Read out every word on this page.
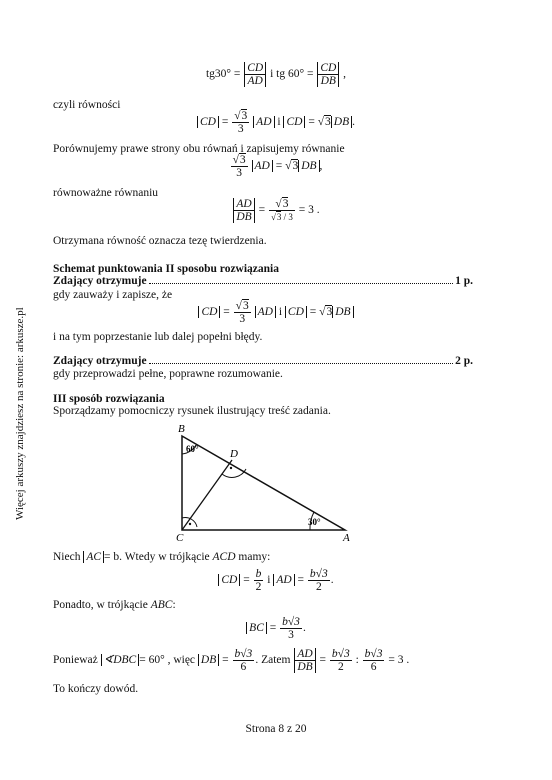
Więcej arkuszy znajdziesz na stronie: arkusze.pl
$tg30^\circ = \frac{CD}{AD}$ i tg $60^\circ = \frac{CD}{DB}$ ,
czyli równości
CD = $\frac{√3}{3}$ AD i CD = √3 DB .
Porównujemy prawe strony obu równań i zapisujemy równanie
$\frac{√3}{3}$ AD = √3 DB ,
równoważne równaniu
$\frac{AD}{DB} = \frac{√3}{√3 / 3} = 3$ .
Otrzymana równość oznacza tezę twierdzenia.
Schemat punktowania II sposobu rozwiązania
Zdający otrzymuje	1 p.
gdy zauważy i zapisze, że
CD = $\frac{√3}{3}$ AD i CD = √3 DB
i na tym poprzestanie lub dalej popełni błędy.
Zdający otrzymuje	2 p.
gdy przeprowadzi pełne, poprawne rozumowanie.
III sposób rozwiązania
Sporządzamy pomocniczy rysunek ilustrujący treść zadania.
B
C	A
D
60°
30°
Niech AC = b. Wtedy w trójkącie ACD mamy:
CD = $\frac{b}{2}$ i AD = $\frac{b√3}{2}$ .
Ponadto, w trójkącie ABC:
BC = $\frac{b√3}{3}$ .
Ponieważ ∢DBC = 60° , więc DB = $\frac{b√3}{6}$ . Zatem $\frac{AD}{DB} = \frac{b√3}{2}$ : $\frac{b√3}{6} = 3$ .
To kończy dowód.
Strona 8 z 20
